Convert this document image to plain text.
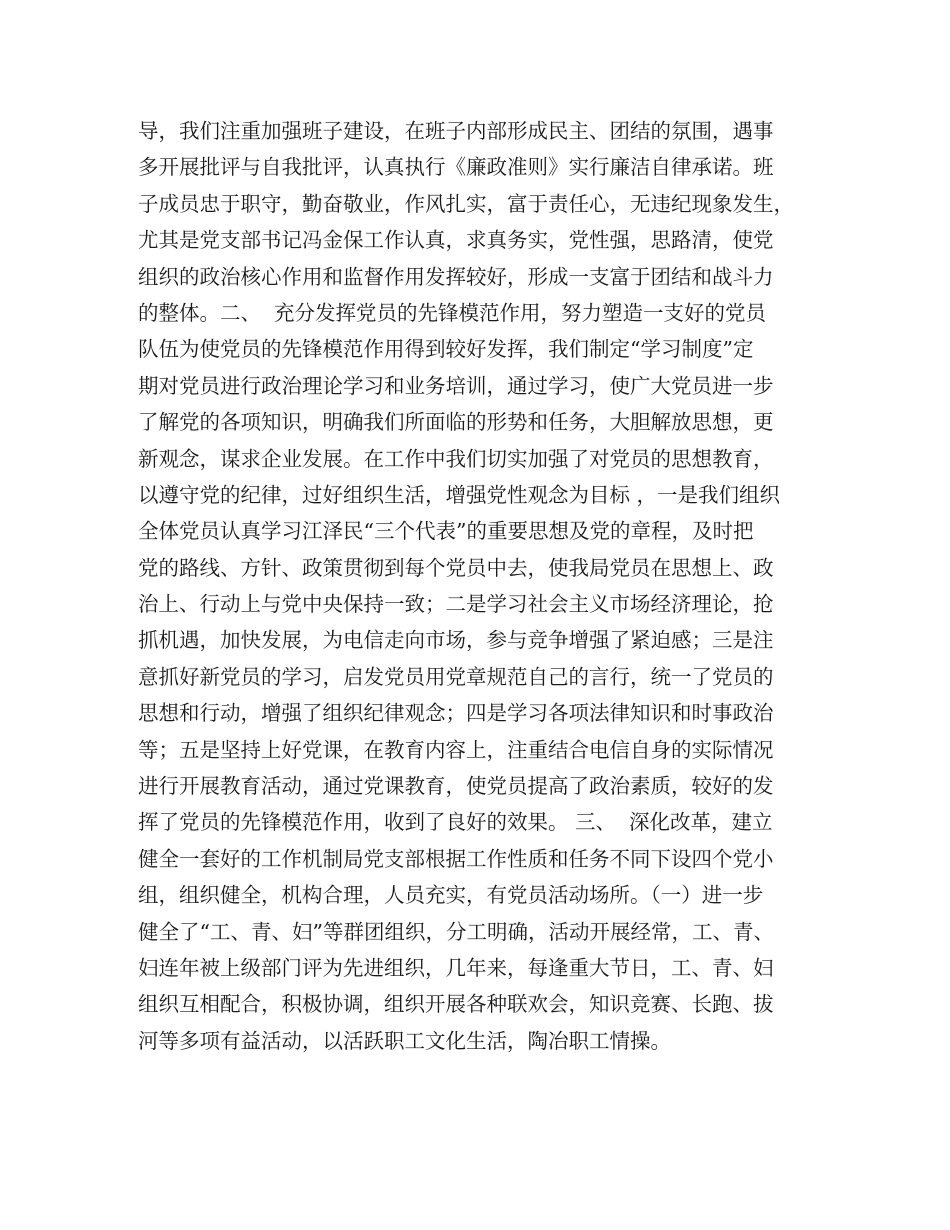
导，我们注重加强班子建设，在班子内部形成民主、团结的氛围，遇事
多开展批评与自我批评，认真执行《廉政准则》实行廉洁自律承诺。班
子成员忠于职守，勤奋敬业，作风扎实，富于责任心，无违纪现象发生，
尤其是党支部书记冯金保工作认真，求真务实，党性强，思路清，使党
组织的政治核心作用和监督作用发挥较好，形成一支富于团结和战斗力
的整体。二、  充分发挥党员的先锋模范作用，努力塑造一支好的党员
队伍为使党员的先锋模范作用得到较好发挥，我们制定“学习制度”定
期对党员进行政治理论学习和业务培训，通过学习，使广大党员进一步
了解党的各项知识，明确我们所面临的形势和任务，大胆解放思想，更
新观念，谋求企业发展。在工作中我们切实加强了对党员的思想教育，
以遵守党的纪律，过好组织生活，增强党性观念为目标 ，一是我们组织
全体党员认真学习江泽民“三个代表”的重要思想及党的章程，及时把
党的路线、方针、政策贯彻到每个党员中去，使我局党员在思想上、政
治上、行动上与党中央保持一致；二是学习社会主义市场经济理论，抢
抓机遇，加快发展，为电信走向市场，参与竞争增强了紧迫感；三是注
意抓好新党员的学习，启发党员用党章规范自己的言行，统一了党员的
思想和行动，增强了组织纪律观念；四是学习各项法律知识和时事政治
等；五是坚持上好党课，在教育内容上，注重结合电信自身的实际情况
进行开展教育活动，通过党课教育，使党员提高了政治素质，较好的发
挥了党员的先锋模范作用，收到了良好的效果。 三、  深化改革，建立
健全一套好的工作机制局党支部根据工作性质和任务不同下设四个党小
组，组织健全，机构合理，人员充实，有党员活动场所。（一）进一步
健全了“工、青、妇”等群团组织，分工明确，活动开展经常，工、青、
妇连年被上级部门评为先进组织，几年来，每逢重大节日，工、青、妇
组织互相配合，积极协调，组织开展各种联欢会，知识竞赛、长跑、拔
河等多项有益活动，以活跃职工文化生活，陶冶职工情操。
